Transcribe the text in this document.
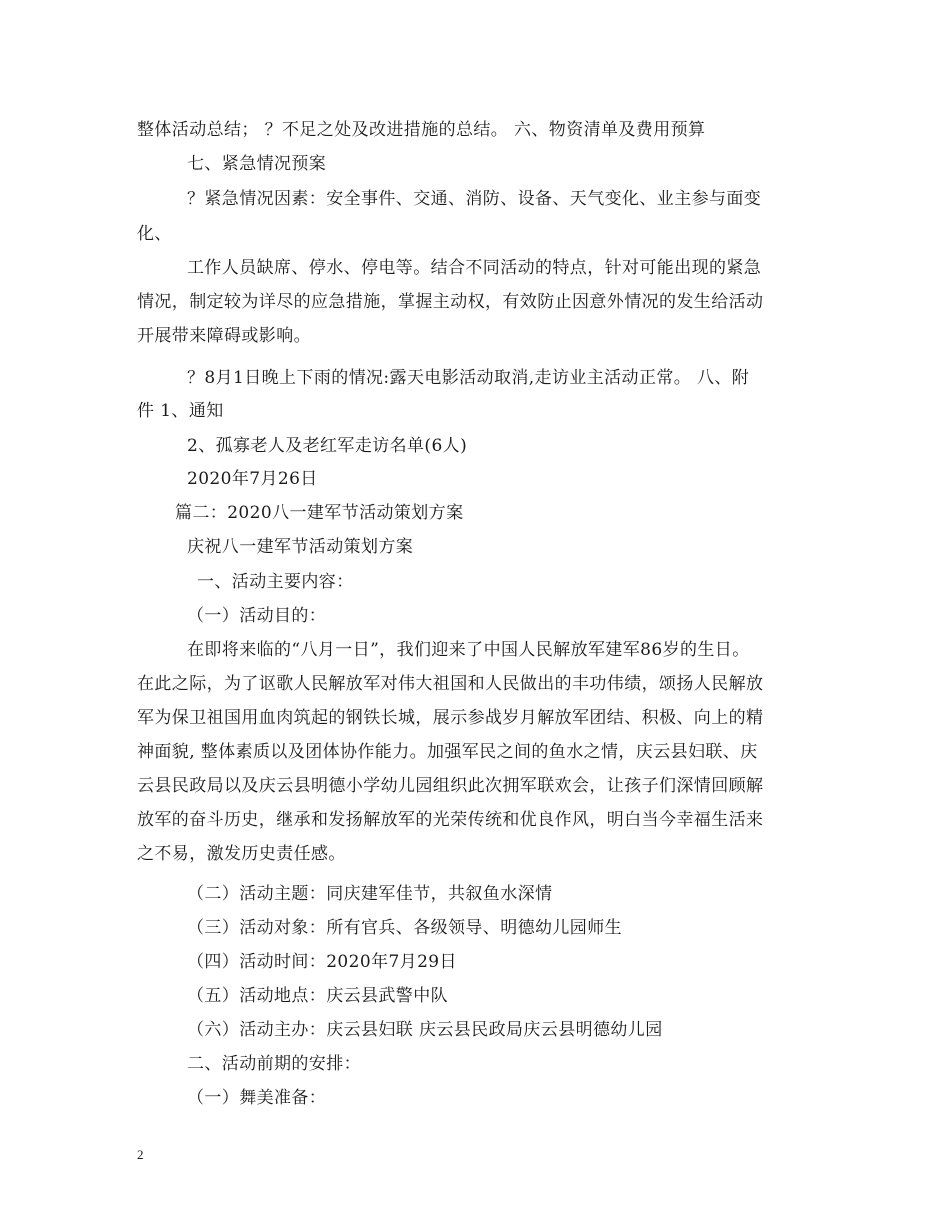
整体活动总结； ？不足之处及改进措施的总结。 六、物资清单及费用预算
七、紧急情况预案
？紧急情况因素：安全事件、交通、消防、设备、天气变化、业主参与面变
化、
工作人员缺席、停水、停电等。结合不同活动的特点，针对可能出现的紧急
情况，制定较为详尽的应急措施，掌握主动权，有效防止因意外情况的发生给活动
开展带来障碍或影响。
？8月1日晚上下雨的情况:露天电影活动取消,走访业主活动正常。 八、附
件 1、通知
2、孤寡老人及老红军走访名单(6人)
2020年7月26日
篇二：2020八一建军节活动策划方案
庆祝八一建军节活动策划方案
一、活动主要内容：
（一）活动目的：
在即将来临的“八月一日”，我们迎来了中国人民解放军建军86岁的生日。
在此之际，为了讴歌人民解放军对伟大祖国和人民做出的丰功伟绩，颂扬人民解放
军为保卫祖国用血肉筑起的钢铁长城，展示参战岁月解放军团结、积极、向上的精
神面貌, 整体素质以及团体协作能力。加强军民之间的鱼水之情，庆云县妇联、庆
云县民政局以及庆云县明德小学幼儿园组织此次拥军联欢会，让孩子们深情回顾解
放军的奋斗历史，继承和发扬解放军的光荣传统和优良作风，明白当今幸福生活来
之不易，激发历史责任感。
（二）活动主题：同庆建军佳节，共叙鱼水深情
（三）活动对象：所有官兵、各级领导、明德幼儿园师生
（四）活动时间：2020年7月29日
（五）活动地点：庆云县武警中队
（六）活动主办：庆云县妇联 庆云县民政局庆云县明德幼儿园
二、活动前期的安排：
（一）舞美准备：
2
